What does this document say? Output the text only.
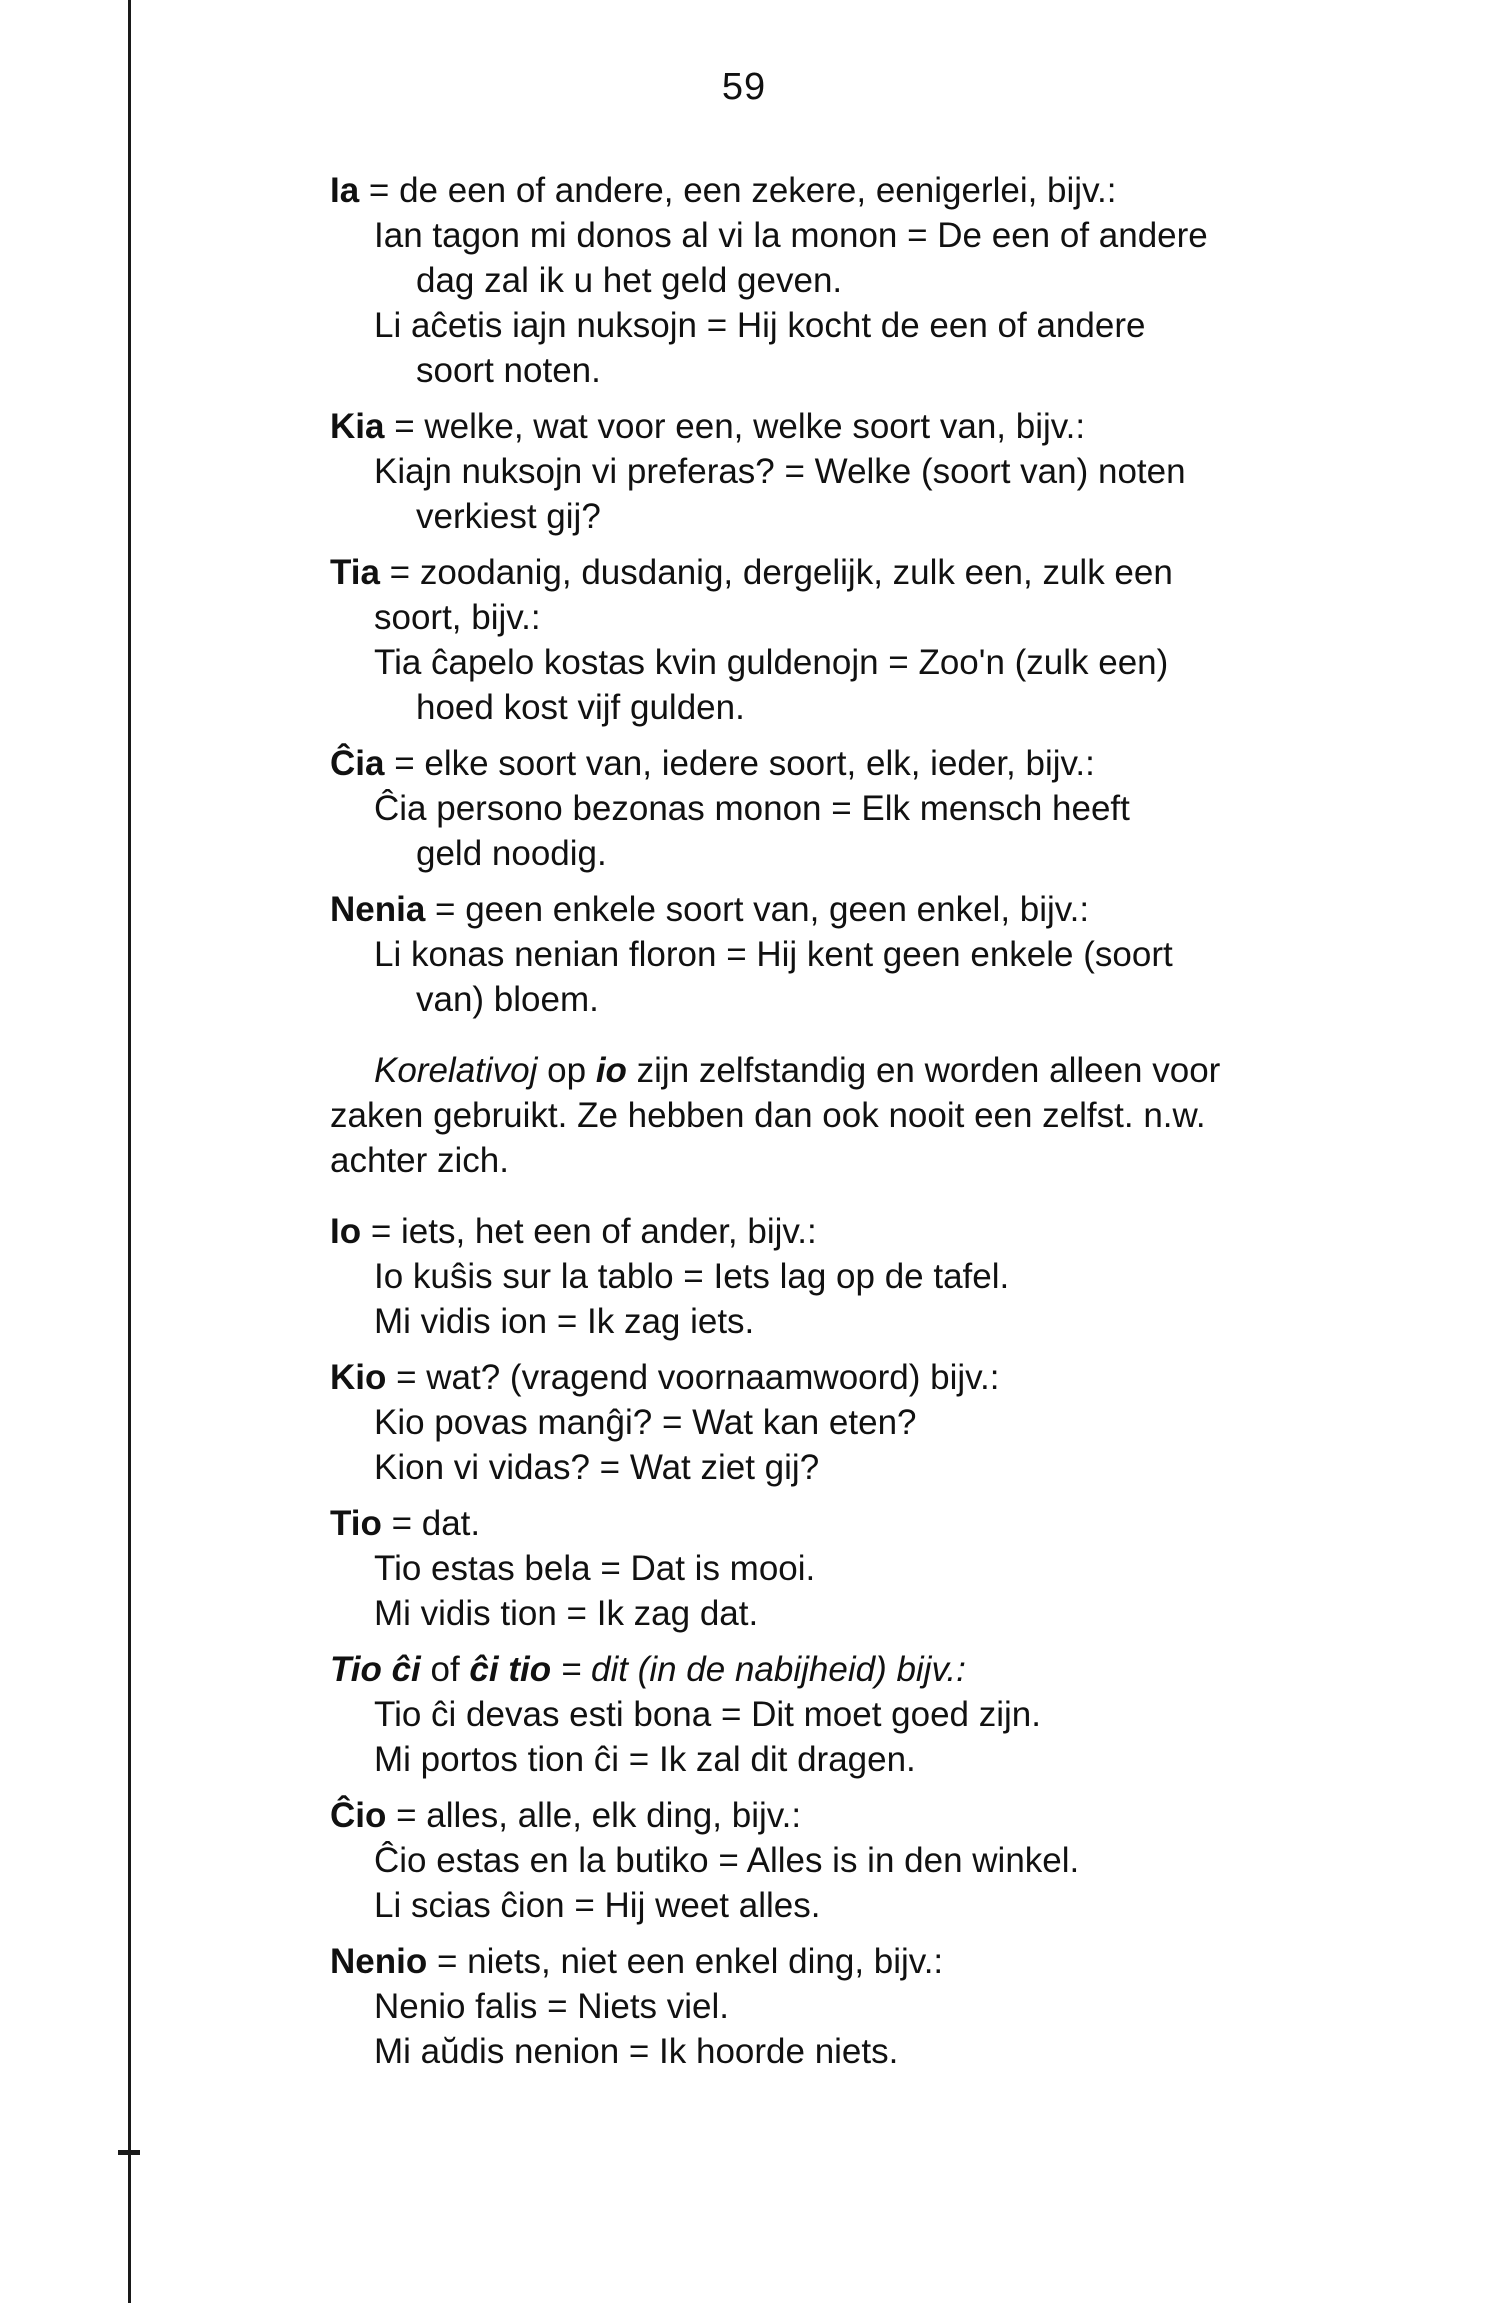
59
Ia = de een of andere, een zekere, eenigerlei, bijv.:
Ian tagon mi donos al vi la monon = De een of andere
dag zal ik u het geld geven.
Li aĉetis iajn nuksojn = Hij kocht de een of andere
soort noten.
Kia = welke, wat voor een, welke soort van, bijv.:
Kiajn nuksojn vi preferas? = Welke (soort van) noten
verkiest gij?
Tia = zoodanig, dusdanig, dergelijk, zulk een, zulk een
soort, bijv.:
Tia ĉapelo kostas kvin guldenojn = Zoo'n (zulk een)
hoed kost vijf gulden.
Ĉia = elke soort van, iedere soort, elk, ieder, bijv.:
Ĉia persono bezonas monon = Elk mensch heeft
geld noodig.
Nenia = geen enkele soort van, geen enkel, bijv.:
Li konas nenian floron = Hij kent geen enkele (soort
van) bloem.
Korelativoj op io zijn zelfstandig en worden alleen voor
zaken gebruikt. Ze hebben dan ook nooit een zelfst. n.w.
achter zich.
Io = iets, het een of ander, bijv.:
Io kuŝis sur la tablo = Iets lag op de tafel.
Mi vidis ion = Ik zag iets.
Kio = wat? (vragend voornaamwoord) bijv.:
Kio povas manĝi? = Wat kan eten?
Kion vi vidas? = Wat ziet gij?
Tio = dat.
Tio estas bela = Dat is mooi.
Mi vidis tion = Ik zag dat.
Tio ĉi of ĉi tio = dit (in de nabijheid) bijv.:
Tio ĉi devas esti bona = Dit moet goed zijn.
Mi portos tion ĉi = Ik zal dit dragen.
Ĉio = alles, alle, elk ding, bijv.:
Ĉio estas en la butiko = Alles is in den winkel.
Li scias ĉion = Hij weet alles.
Nenio = niets, niet een enkel ding, bijv.:
Nenio falis = Niets viel.
Mi aŭdis nenion = Ik hoorde niets.
